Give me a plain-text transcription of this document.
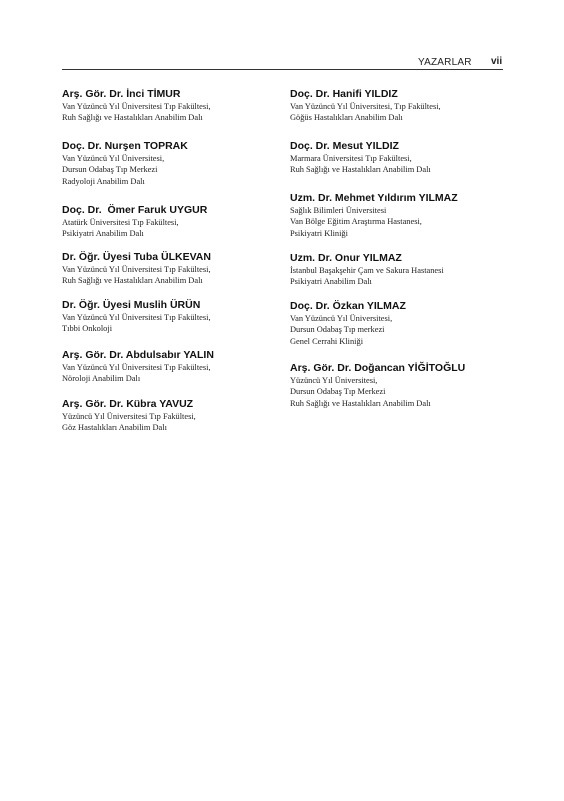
YAZARLAR vii
Arş. Gör. Dr. İnci TİMUR
Van Yüzüncü Yıl Üniversitesi Tıp Fakültesi,
Ruh Sağlığı ve Hastalıkları Anabilim Dalı
Doç. Dr. Nurşen TOPRAK
Van Yüzüncü Yıl Üniversitesi,
Dursun Odabaş Tıp Merkezi
Radyoloji Anabilim Dalı
Doç. Dr.  Ömer Faruk UYGUR
Atatürk Üniversitesi Tıp Fakültesi,
Psikiyatri Anabilim Dalı
Dr. Öğr. Üyesi Tuba ÜLKEVAN
Van Yüzüncü Yıl Üniversitesi Tıp Fakültesi,
Ruh Sağlığı ve Hastalıkları Anabilim Dalı
Dr. Öğr. Üyesi Muslih ÜRÜN
Van Yüzüncü Yıl Üniversitesi Tıp Fakültesi,
Tıbbi Onkoloji
Arş. Gör. Dr. Abdulsabır YALIN
Van Yüzüncü Yıl Üniversitesi Tıp Fakültesi,
Nöroloji Anabilim Dalı
Arş. Gör. Dr. Kübra YAVUZ
Yüzüncü Yıl Üniversitesi Tıp Fakültesi,
Göz Hastalıkları Anabilim Dalı
Doç. Dr. Hanifi YILDIZ
Van Yüzüncü Yıl Üniversitesi, Tıp Fakültesi,
Göğüs Hastalıkları Anabilim Dalı
Doç. Dr. Mesut YILDIZ
Marmara Üniversitesi Tıp Fakültesi,
Ruh Sağlığı ve Hastalıkları Anabilim Dalı
Uzm. Dr. Mehmet Yıldırım YILMAZ
Sağlık Bilimleri Üniversitesi
Van Bölge Eğitim Araştırma Hastanesi,
Psikiyatri Kliniği
Uzm. Dr. Onur YILMAZ
İstanbul Başakşehir Çam ve Sakura Hastanesi
Psikiyatri Anabilim Dalı
Doç. Dr. Özkan YILMAZ
Van Yüzüncü Yıl Üniversitesi,
Dursun Odabaş Tıp merkezi
Genel Cerrahi Kliniği
Arş. Gör. Dr. Doğancan YİĞİTOĞLU
Yüzüncü Yıl Üniversitesi,
Dursun Odabaş Tıp Merkezi
Ruh Sağlığı ve Hastalıkları Anabilim Dalı
